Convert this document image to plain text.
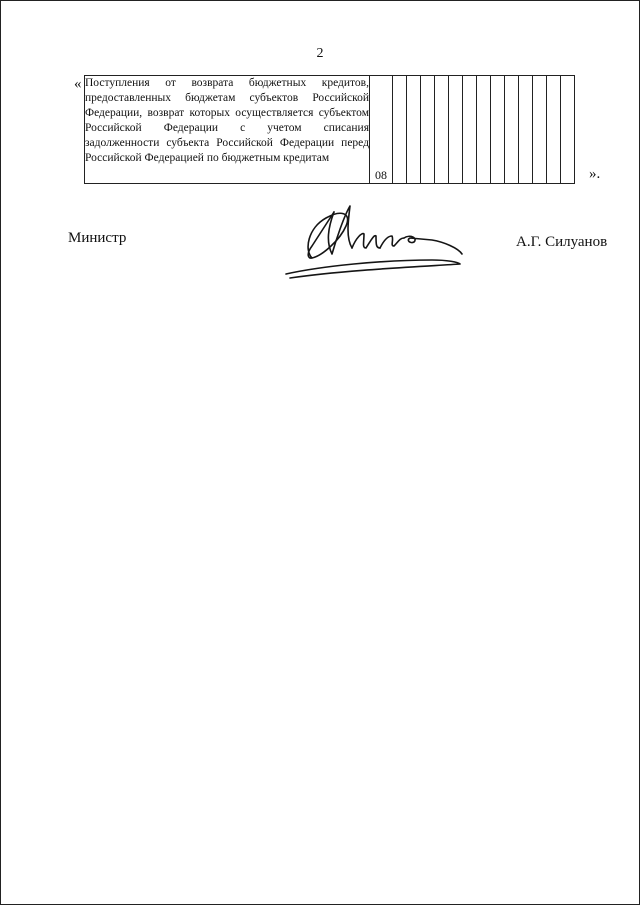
2
« Поступления от возврата бюджетных кредитов, предоставленных бюджетам субъектов Российской Федерации, возврат которых осуществляется субъектом Российской Федерации с учетом списания задолженности субъекта Российской Федерации перед Российской Федерацией по бюджетным кредитам	08														».
Министр	А.Г. Силуанов
